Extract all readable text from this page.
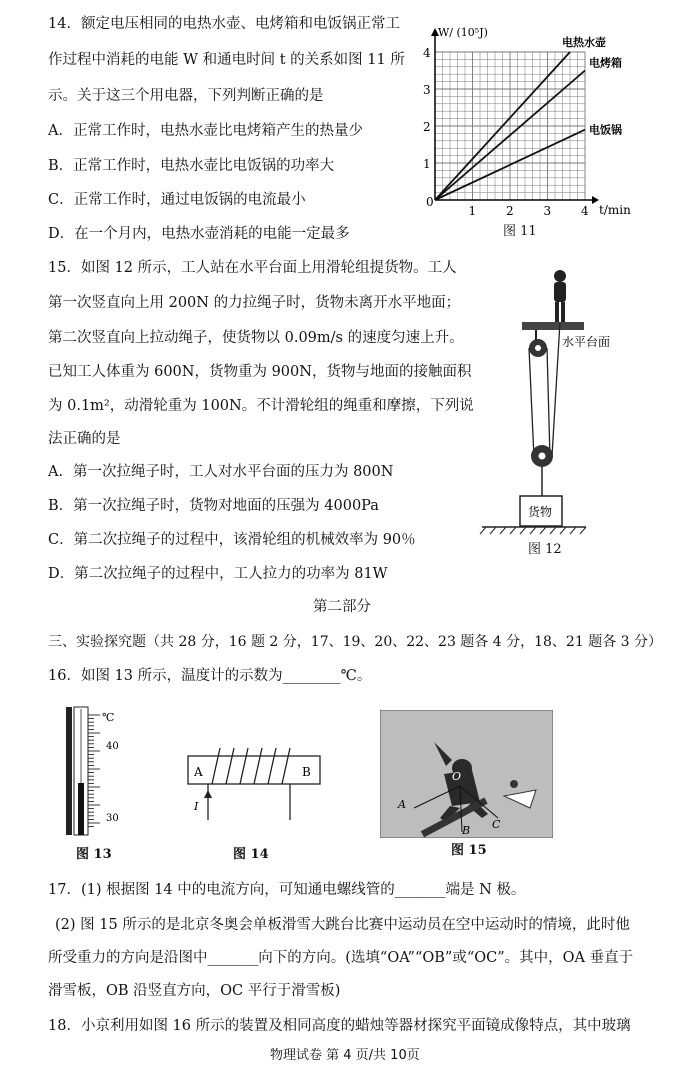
14．额定电压相同的电热水壶、电烤箱和电饭锅正常工
作过程中消耗的电能 W 和通电时间 t 的关系如图 11 所
示。关于这三个用电器，下列判断正确的是
A．正常工作时，电热水壶比电烤箱产生的热量少
B．正常工作时，电热水壶比电饭锅的功率大
C．正常工作时，通过电饭锅的电流最小
D．在一个月内，电热水壶消耗的电能一定最多
W/ (10⁵J)
t/min
0
1 2 3 4
1
2
3
4
电热水壶
电烤箱
电饭锅
图 11
15．如图 12 所示，工人站在水平台面上用滑轮组提货物。工人
第一次竖直向上用 200N 的力拉绳子时，货物未离开水平地面；
第二次竖直向上拉动绳子，使货物以 0.09m/s 的速度匀速上升。
已知工人体重为 600N，货物重为 900N，货物与地面的接触面积
为 0.1m²，动滑轮重为 100N。不计滑轮组的绳重和摩擦，下列说
法正确的是
A．第一次拉绳子时，工人对水平台面的压力为 800N
B．第一次拉绳子时，货物对地面的压强为 4000Pa
C．第二次拉绳子的过程中，该滑轮组的机械效率为 90％
D．第二次拉绳子的过程中，工人拉力的功率为 81W
水平台面
货物
图 12
第二部分
三、实验探究题（共 28 分，16 题 2 分，17、19、20、22、23 题各 4 分，18、21 题各 3 分）
16．如图 13 所示，温度计的示数为________℃。
℃
40
30
图 13
A	B
I
图 14
O
A
B C
图 15
17．(1) 根据图 14 中的电流方向，可知通电螺线管的_______端是 N 极。
(2) 图 15 所示的是北京冬奥会单板滑雪大跳台比赛中运动员在空中运动时的情境，此时他
所受重力的方向是沿图中_______向下的方向。(选填“OA”“OB”或“OC”。其中，OA 垂直于
滑雪板，OB 沿竖直方向，OC 平行于滑雪板)
18．小京利用如图 16 所示的装置及相同高度的蜡烛等器材探究平面镜成像特点，其中玻璃
物理试卷 第 4 页/共 10页
